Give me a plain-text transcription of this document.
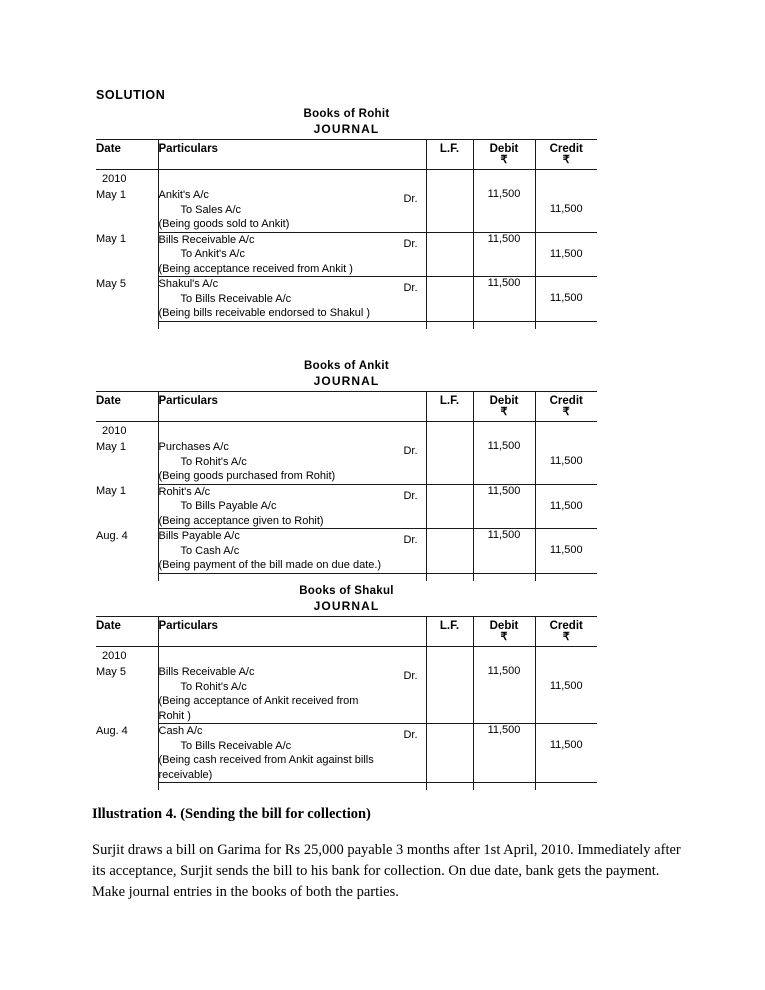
SOLUTION
Books of Rohit
JOURNAL
Date	Particulars	L.F.	Debit
₹	Credit
₹

2010				
May 1	Ankit's A/c Dr.
To Sales A/c
(Being goods sold to Ankit)		11,500	11,500

May 1	Bills Receivable A/c Dr.
To Ankit's A/c
(Being acceptance received from Ankit )		11,500	11,500

May 5	Shakul's A/c Dr.
To Bills Receivable A/c
(Being bills receivable endorsed to Shakul )		11,500	11,500

Books of Ankit
JOURNAL
Date	Particulars	L.F.	Debit
₹	Credit
₹

2010				
May 1	Purchases A/c Dr.
To Rohit's A/c
(Being goods purchased from Rohit)		11,500	11,500

May 1	Rohit's A/c Dr.
To Bills Payable A/c
(Being acceptance given to Rohit)		11,500	11,500

Aug. 4	Bills Payable A/c Dr.
To Cash A/c
(Being payment of the bill made on due date.)		11,500	11,500

Books of Shakul
JOURNAL
Date	Particulars	L.F.	Debit
₹	Credit
₹

2010				
May 5	Bills Receivable A/c Dr.
To Rohit's A/c
(Being acceptance of Ankit received from
Rohit )		11,500	11,500

Aug. 4	Cash A/c Dr.
To Bills Receivable A/c
(Being cash received from Ankit against bills
receivable)		11,500	11,500

Illustration 4. (Sending the bill for collection)
Surjit draws a bill on Garima for Rs 25,000 payable 3 months after 1st April, 2010. Immediately after its acceptance, Surjit sends the bill to his bank for collection. On due date, bank gets the payment. Make journal entries in the books of both the parties.
